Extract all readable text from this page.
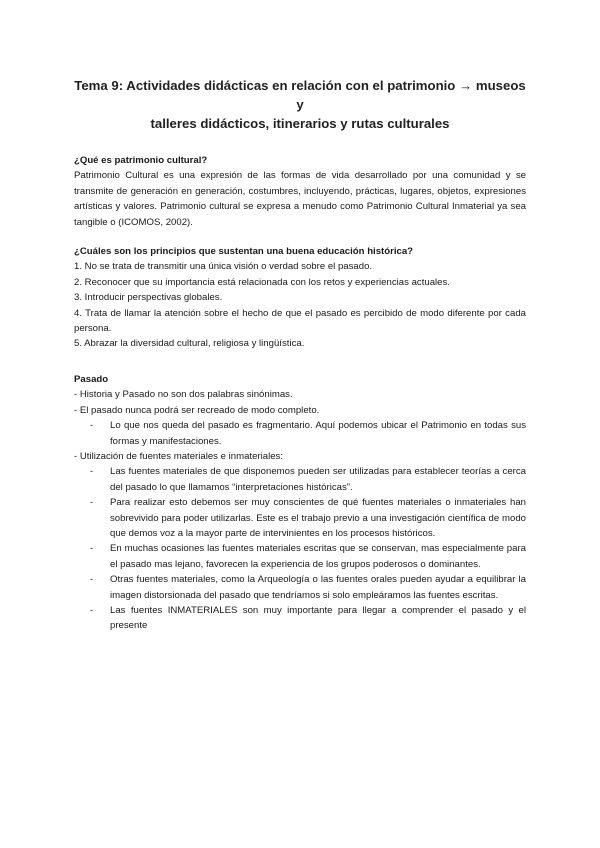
Tema 9: Actividades didácticas en relación con el patrimonio → museos y
talleres didácticos, itinerarios y rutas culturales

¿Qué es patrimonio cultural?

Patrimonio Cultural es una expresión de las formas de vida desarrollado por una comunidad y se transmite de generación en generación, costumbres, incluyendo, prácticas, lugares, objetos, expresiones artísticas y valores. Patrimonio cultural se expresa a menudo como Patrimonio Cultural Inmaterial ya sea tangible o (ICOMOS, 2002).

¿Cuáles son los principios que sustentan una buena educación histórica?

1. No se trata de transmitir una única visión o verdad sobre el pasado.

2. Reconocer que su importancia está relacionada con los retos y experiencias actuales.

3. Introducir perspectivas globales.

4. Trata de llamar la atención sobre el hecho de que el pasado es percibido de modo diferente por cada persona.

5. Abrazar la diversidad cultural, religiosa y lingüística.

Pasado

- Historia y Pasado no son dos palabras sinónimas.

- El pasado nunca podrá ser recreado de modo completo.

- Lo que nos queda del pasado es fragmentario. Aquí podemos ubicar el Patrimonio en todas sus formas y manifestaciones.

- Utilización de fuentes materiales e inmateriales:

- Las fuentes materiales de que disponemos pueden ser utilizadas para establecer teorías a cerca del pasado lo que llamamos “interpretaciones históricas”.
- Para realizar esto debemos ser muy conscientes de qué fuentes materiales o inmateriales han sobrevivido para poder utilizarlas. Este es el trabajo previo a una investigación científica de modo que demos voz a la mayor parte de intervinientes en los procesos históricos.
- En muchas ocasiones las fuentes materiales escritas que se conservan, mas especialmente para el pasado mas lejano, favorecen la experiencia de los grupos poderosos o dominantes.
- Otras fuentes materiales, como la Arqueología o las fuentes orales pueden ayudar a equilibrar la imagen distorsionada del pasado que tendríamos si solo empleáramos las fuentes escritas.
- Las fuentes INMATERIALES son muy importante para llegar a comprender el pasado y el presente
